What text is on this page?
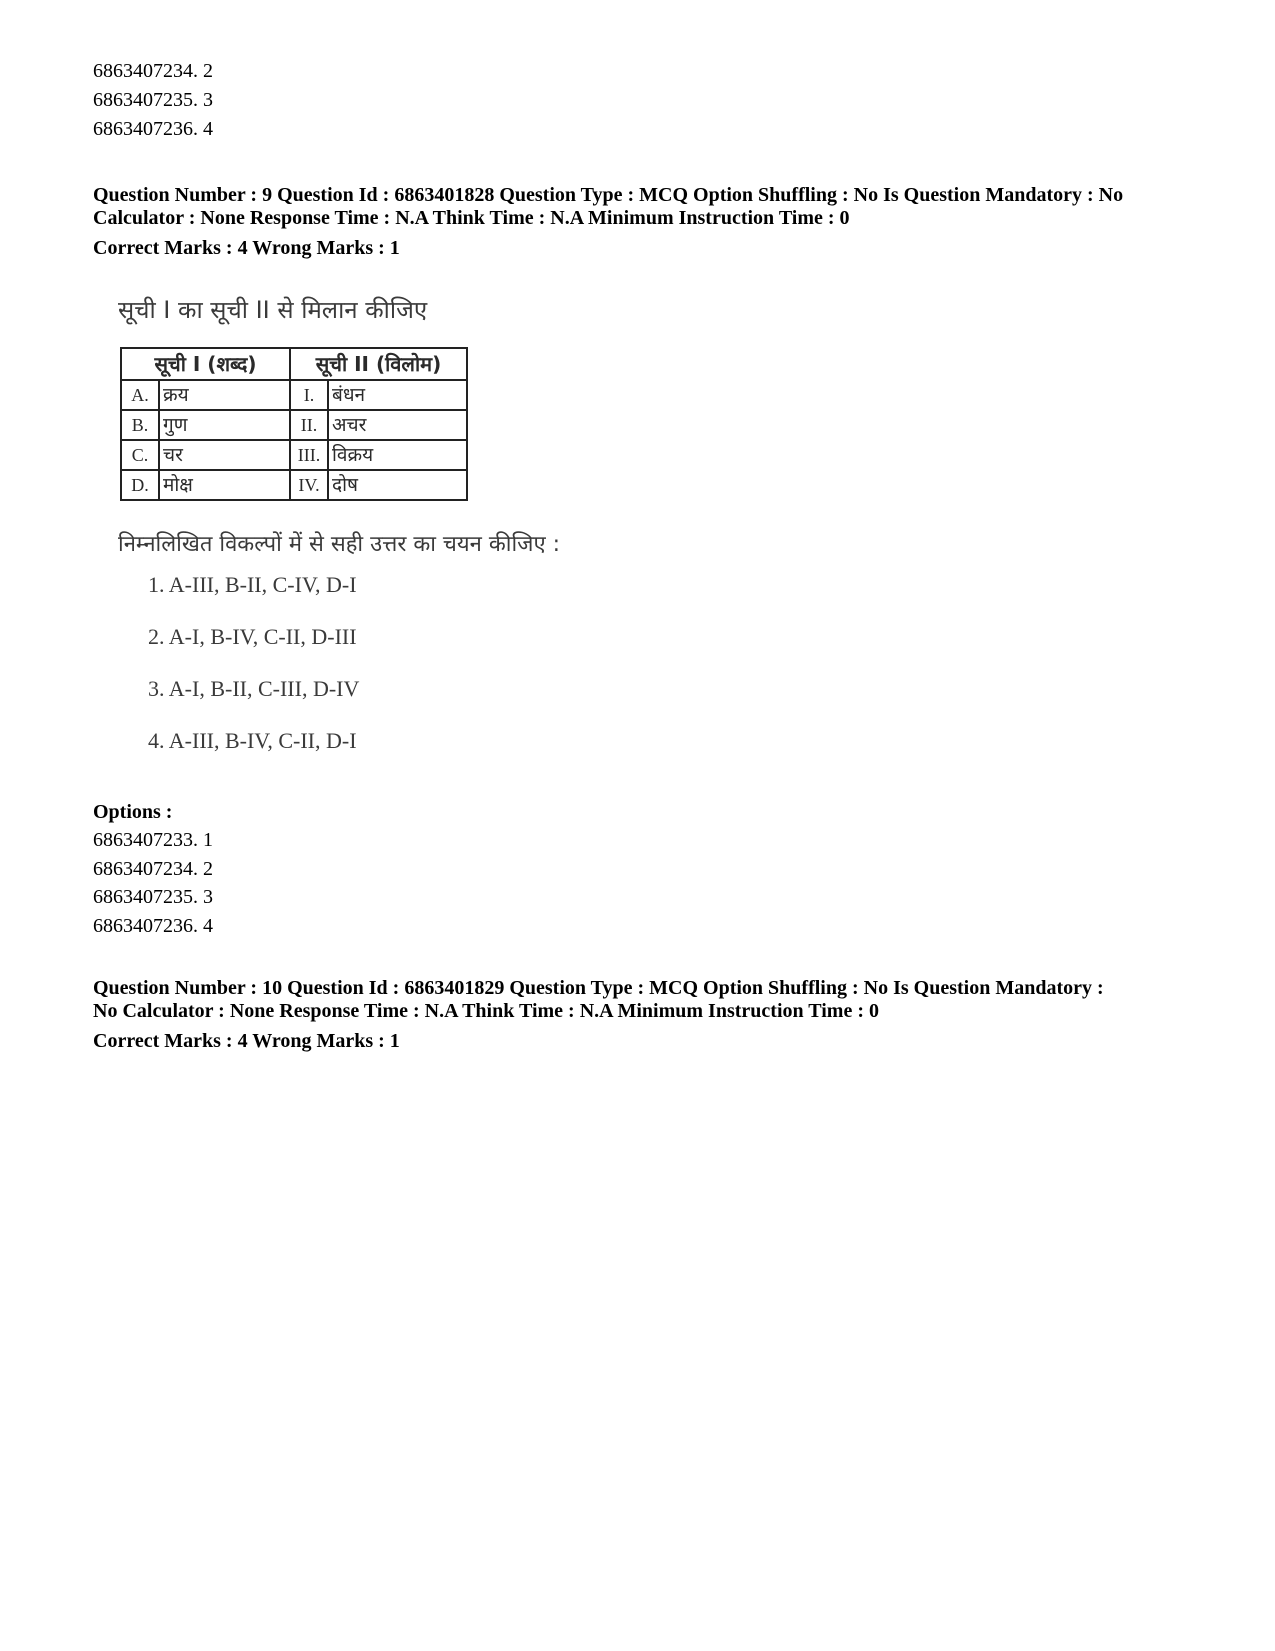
6863407234. 2
6863407235. 3
6863407236. 4
Question Number : 9 Question Id : 6863401828 Question Type : MCQ Option Shuffling : No Is Question Mandatory : No
Calculator : None Response Time : N.A Think Time : N.A Minimum Instruction Time : 0
Correct Marks : 4 Wrong Marks : 1
सूची I का सूची II से मिलान कीजिए
सूची I (शब्द)		सूची II (विलोम)	
A.	क्रय	I.	बंधन
B.	गुण	II.	अचर
C.	चर	III.	विक्रय
D.	मोक्ष	IV.	दोष
निम्नलिखित विकल्पों में से सही उत्तर का चयन कीजिए :
1. A-III, B-II, C-IV, D-I
2. A-I, B-IV, C-II, D-III
3. A-I, B-II, C-III, D-IV
4. A-III, B-IV, C-II, D-I
Options :
6863407233. 1
6863407234. 2
6863407235. 3
6863407236. 4
Question Number : 10 Question Id : 6863401829 Question Type : MCQ Option Shuffling : No Is Question Mandatory :
No Calculator : None Response Time : N.A Think Time : N.A Minimum Instruction Time : 0
Correct Marks : 4 Wrong Marks : 1
